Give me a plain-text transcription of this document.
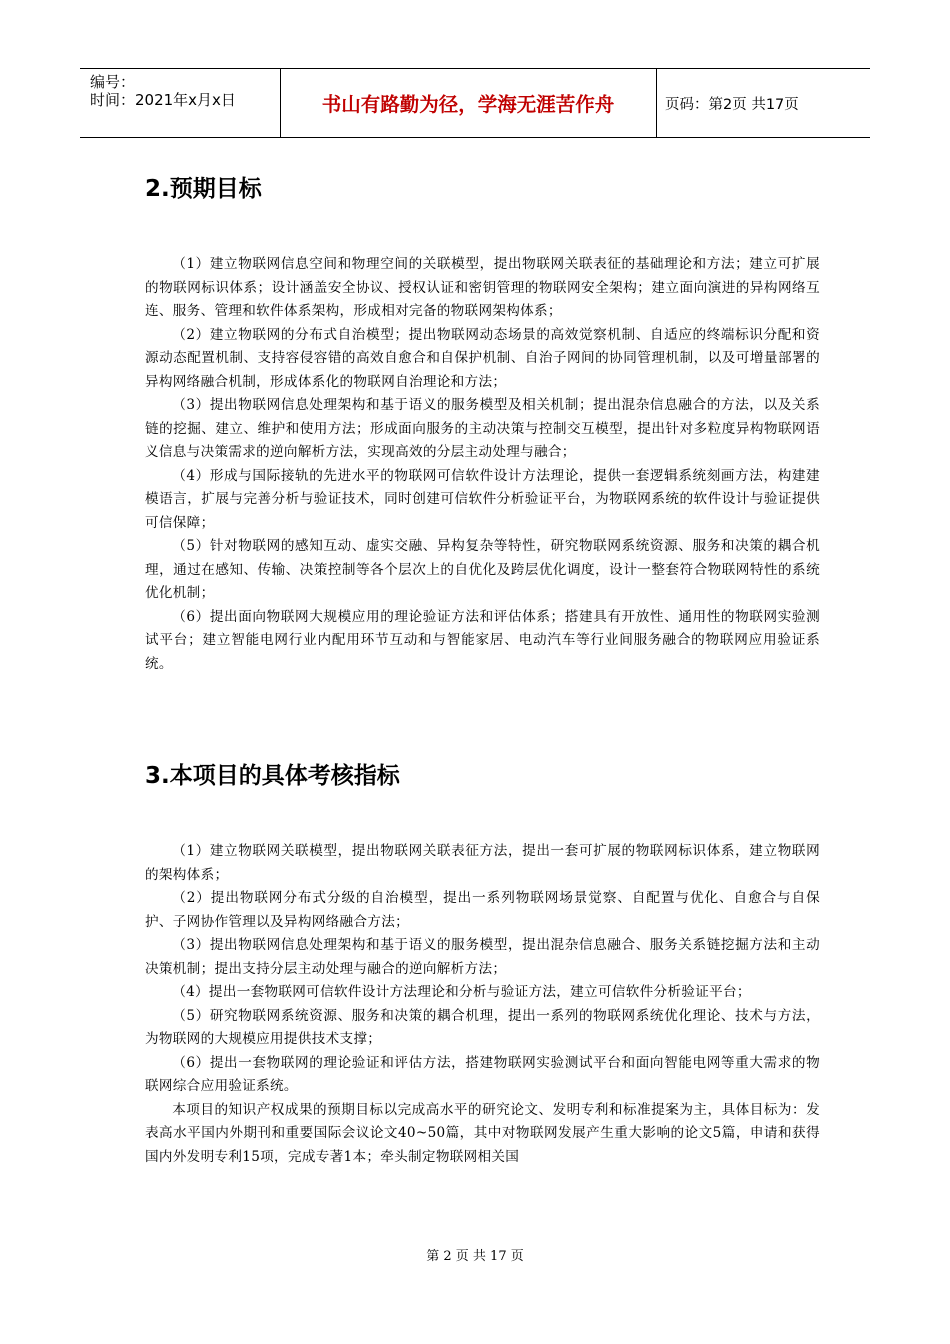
编号：
时间：2021年x月x日	书山有路勤为径，学海无涯苦作舟	页码：第2页 共17页
2.预期目标

（1）建立物联网信息空间和物理空间的关联模型，提出物联网关联表征的基础理论和方法；建立可扩展的物联网标识体系；设计涵盖安全协议、授权认证和密钥管理的物联网安全架构；建立面向演进的异构网络互连、服务、管理和软件体系架构，形成相对完备的物联网架构体系；

（2）建立物联网的分布式自治模型；提出物联网动态场景的高效觉察机制、自适应的终端标识分配和资源动态配置机制、支持容侵容错的高效自愈合和自保护机制、自治子网间的协同管理机制，以及可增量部署的异构网络融合机制，形成体系化的物联网自治理论和方法；

（3）提出物联网信息处理架构和基于语义的服务模型及相关机制；提出混杂信息融合的方法，以及关系链的挖掘、建立、维护和使用方法；形成面向服务的主动决策与控制交互模型，提出针对多粒度异构物联网语义信息与决策需求的逆向解析方法，实现高效的分层主动处理与融合；

（4）形成与国际接轨的先进水平的物联网可信软件设计方法理论，提供一套逻辑系统刻画方法，构建建模语言，扩展与完善分析与验证技术，同时创建可信软件分析验证平台，为物联网系统的软件设计与验证提供可信保障；

（5）针对物联网的感知互动、虚实交融、异构复杂等特性，研究物联网系统资源、服务和决策的耦合机理，通过在感知、传输、决策控制等各个层次上的自优化及跨层优化调度，设计一整套符合物联网特性的系统优化机制；

（6）提出面向物联网大规模应用的理论验证方法和评估体系；搭建具有开放性、通用性的物联网实验测试平台；建立智能电网行业内配用环节互动和与智能家居、电动汽车等行业间服务融合的物联网应用验证系统。

3.本项目的具体考核指标

（1）建立物联网关联模型，提出物联网关联表征方法，提出一套可扩展的物联网标识体系，建立物联网的架构体系；

（2）提出物联网分布式分级的自治模型，提出一系列物联网场景觉察、自配置与优化、自愈合与自保护、子网协作管理以及异构网络融合方法；

（3）提出物联网信息处理架构和基于语义的服务模型，提出混杂信息融合、服务关系链挖掘方法和主动决策机制；提出支持分层主动处理与融合的逆向解析方法；

（4）提出一套物联网可信软件设计方法理论和分析与验证方法，建立可信软件分析验证平台；

（5）研究物联网系统资源、服务和决策的耦合机理，提出一系列的物联网系统优化理论、技术与方法，为物联网的大规模应用提供技术支撑；

（6）提出一套物联网的理论验证和评估方法，搭建物联网实验测试平台和面向智能电网等重大需求的物联网综合应用验证系统。

本项目的知识产权成果的预期目标以完成高水平的研究论文、发明专利和标准提案为主，具体目标为：发表高水平国内外期刊和重要国际会议论文40~50篇，其中对物联网发展产生重大影响的论文5篇，申请和获得国内外发明专利15项，完成专著1本；牵头制定物联网相关国

第 2 页 共 17 页
